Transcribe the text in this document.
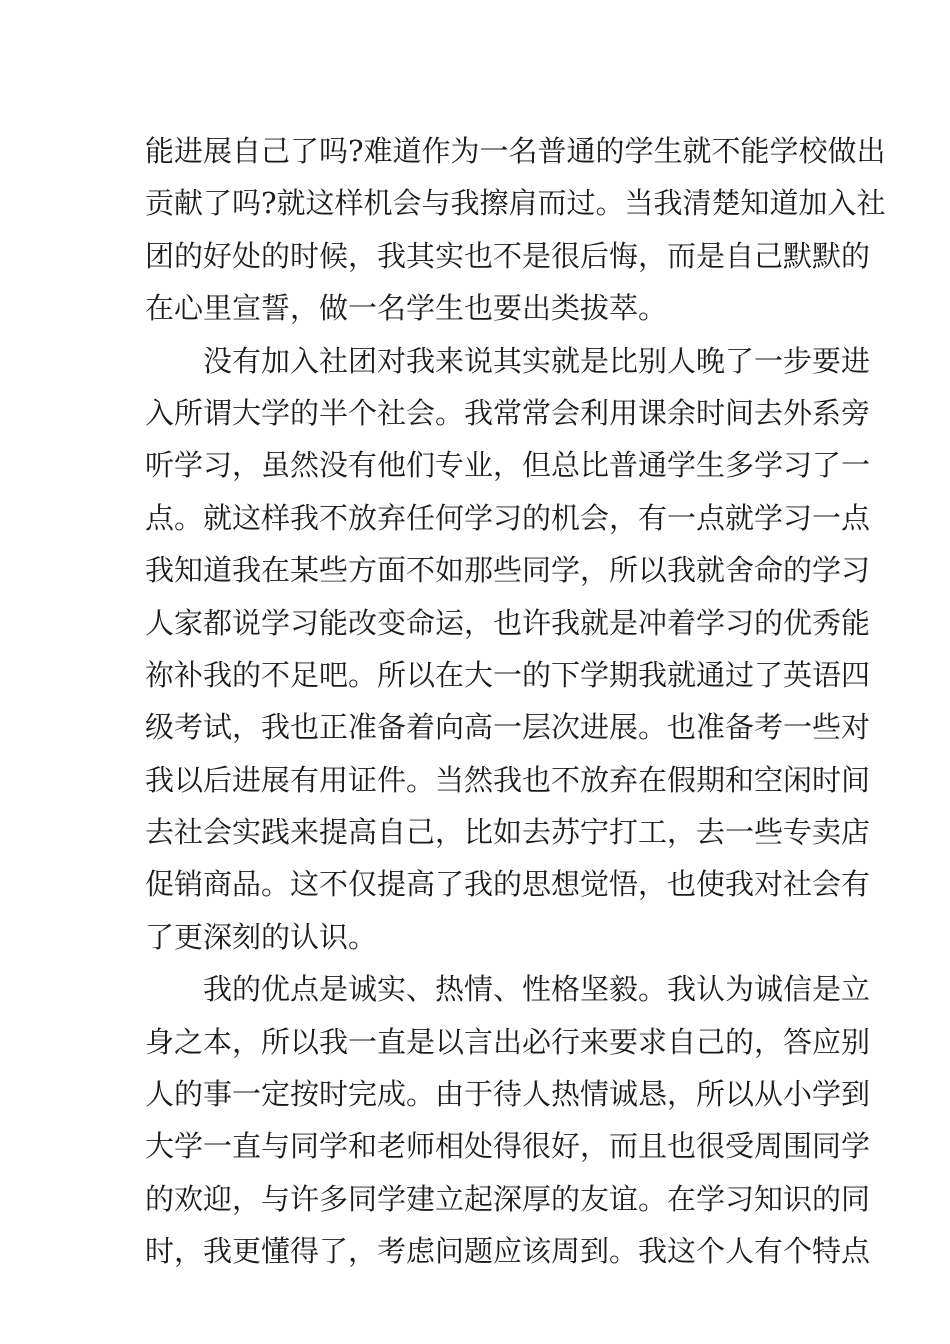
能进展自己了吗?难道作为一名普通的学生就不能学校做出
贡献了吗?就这样机会与我擦肩而过。当我清楚知道加入社
团的好处的时候，我其实也不是很后悔，而是自己默默的
在心里宣誓，做一名学生也要出类拔萃。
没有加入社团对我来说其实就是比别人晚了一步要进
入所谓大学的半个社会。我常常会利用课余时间去外系旁
听学习，虽然没有他们专业，但总比普通学生多学习了一
点。就这样我不放弃任何学习的机会，有一点就学习一点
我知道我在某些方面不如那些同学，所以我就舍命的学习
人家都说学习能改变命运，也许我就是冲着学习的优秀能
祢补我的不足吧。所以在大一的下学期我就通过了英语四
级考试，我也正准备着向高一层次进展。也准备考一些对
我以后进展有用证件。当然我也不放弃在假期和空闲时间
去社会实践来提高自己，比如去苏宁打工，去一些专卖店
促销商品。这不仅提高了我的思想觉悟，也使我对社会有
了更深刻的认识。
我的优点是诚实、热情、性格坚毅。我认为诚信是立
身之本，所以我一直是以言出必行来要求自己的，答应别
人的事一定按时完成。由于待人热情诚恳，所以从小学到
大学一直与同学和老师相处得很好，而且也很受周围同学
的欢迎，与许多同学建立起深厚的友谊。在学习知识的同
时，我更懂得了，考虑问题应该周到。我这个人有个特点
